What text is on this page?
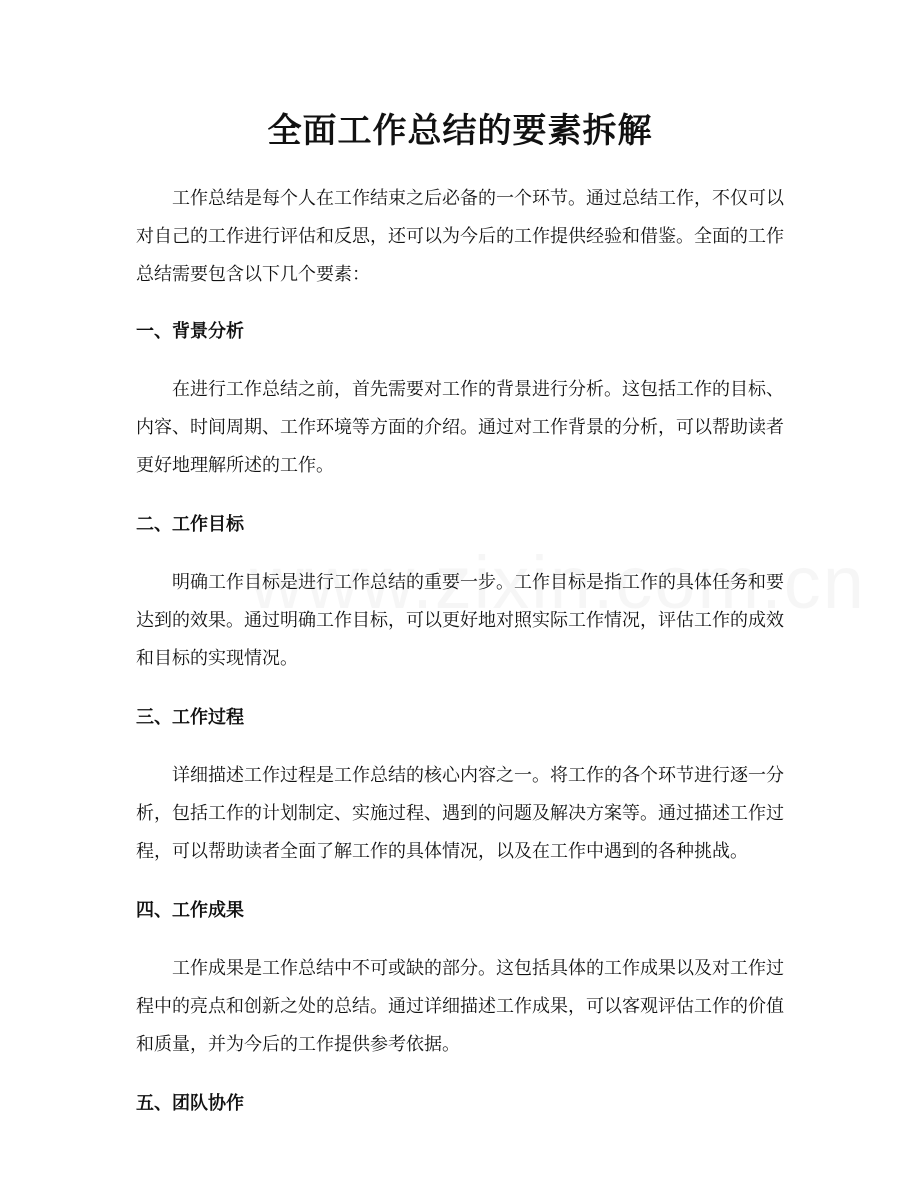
全面工作总结的要素拆解

工作总结是每个人在工作结束之后必备的一个环节。通过总结工作，不仅可以对自己的工作进行评估和反思，还可以为今后的工作提供经验和借鉴。全面的工作总结需要包含以下几个要素：

一、背景分析

在进行工作总结之前，首先需要对工作的背景进行分析。这包括工作的目标、内容、时间周期、工作环境等方面的介绍。通过对工作背景的分析，可以帮助读者更好地理解所述的工作。

二、工作目标

明确工作目标是进行工作总结的重要一步。工作目标是指工作的具体任务和要达到的效果。通过明确工作目标，可以更好地对照实际工作情况，评估工作的成效和目标的实现情况。

三、工作过程

详细描述工作过程是工作总结的核心内容之一。将工作的各个环节进行逐一分析，包括工作的计划制定、实施过程、遇到的问题及解决方案等。通过描述工作过程，可以帮助读者全面了解工作的具体情况，以及在工作中遇到的各种挑战。

四、工作成果

工作成果是工作总结中不可或缺的部分。这包括具体的工作成果以及对工作过程中的亮点和创新之处的总结。通过详细描述工作成果，可以客观评估工作的价值和质量，并为今后的工作提供参考依据。

五、团队协作
